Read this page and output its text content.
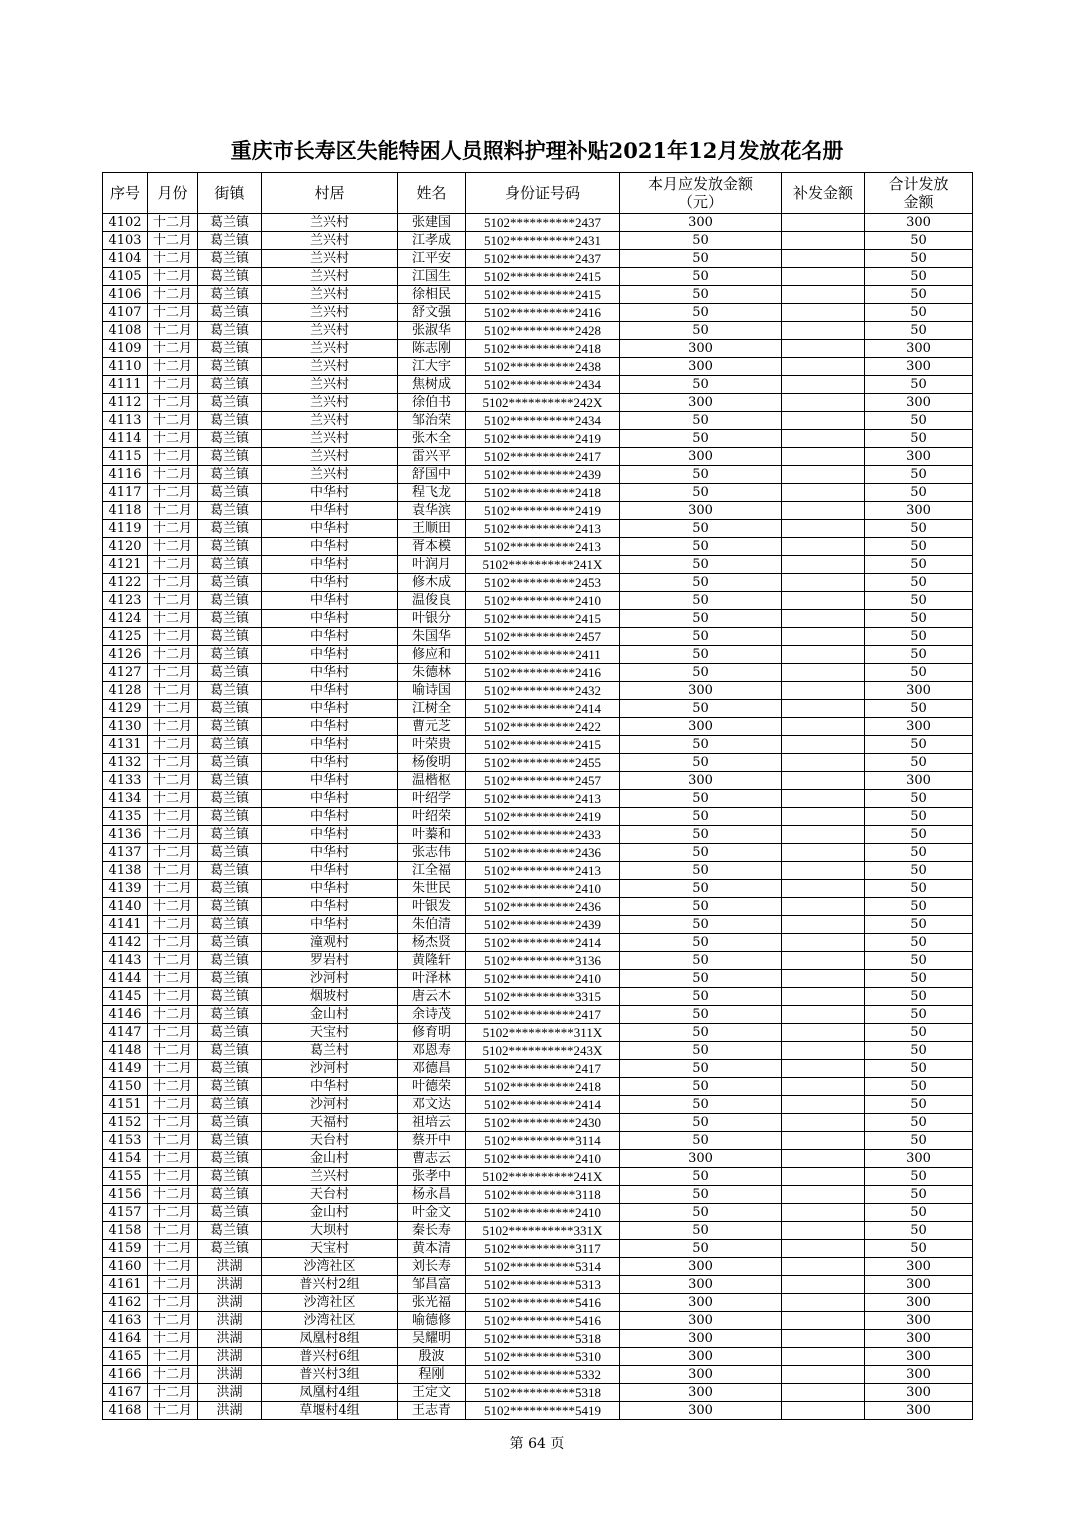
重庆市长寿区失能特困人员照料护理补贴2021年12月发放花名册
序号	月份	街镇	村居	姓名	身份证号码	本月应发放金额
（元）	补发金额	合计发放
金额
4102	十二月	葛兰镇	兰兴村	张建国	5102**********2437	300		300
4103	十二月	葛兰镇	兰兴村	江孝成	5102**********2431	50		50
4104	十二月	葛兰镇	兰兴村	江平安	5102**********2437	50		50
4105	十二月	葛兰镇	兰兴村	江国生	5102**********2415	50		50
4106	十二月	葛兰镇	兰兴村	徐相民	5102**********2415	50		50
4107	十二月	葛兰镇	兰兴村	舒文强	5102**********2416	50		50
4108	十二月	葛兰镇	兰兴村	张淑华	5102**********2428	50		50
4109	十二月	葛兰镇	兰兴村	陈志刚	5102**********2418	300		300
4110	十二月	葛兰镇	兰兴村	江大宇	5102**********2438	300		300
4111	十二月	葛兰镇	兰兴村	焦树成	5102**********2434	50		50
4112	十二月	葛兰镇	兰兴村	徐伯书	5102**********242X	300		300
4113	十二月	葛兰镇	兰兴村	邹治荣	5102**********2434	50		50
4114	十二月	葛兰镇	兰兴村	张木全	5102**********2419	50		50
4115	十二月	葛兰镇	兰兴村	雷兴平	5102**********2417	300		300
4116	十二月	葛兰镇	兰兴村	舒国中	5102**********2439	50		50
4117	十二月	葛兰镇	中华村	程飞龙	5102**********2418	50		50
4118	十二月	葛兰镇	中华村	袁华滨	5102**********2419	300		300
4119	十二月	葛兰镇	中华村	王顺田	5102**********2413	50		50
4120	十二月	葛兰镇	中华村	胥本模	5102**********2413	50		50
4121	十二月	葛兰镇	中华村	叶润月	5102**********241X	50		50
4122	十二月	葛兰镇	中华村	修木成	5102**********2453	50		50
4123	十二月	葛兰镇	中华村	温俊良	5102**********2410	50		50
4124	十二月	葛兰镇	中华村	叶银分	5102**********2415	50		50
4125	十二月	葛兰镇	中华村	朱国华	5102**********2457	50		50
4126	十二月	葛兰镇	中华村	修应和	5102**********2411	50		50
4127	十二月	葛兰镇	中华村	朱德林	5102**********2416	50		50
4128	十二月	葛兰镇	中华村	喻诗国	5102**********2432	300		300
4129	十二月	葛兰镇	中华村	江树全	5102**********2414	50		50
4130	十二月	葛兰镇	中华村	曹元芝	5102**********2422	300		300
4131	十二月	葛兰镇	中华村	叶荣贵	5102**********2415	50		50
4132	十二月	葛兰镇	中华村	杨俊明	5102**********2455	50		50
4133	十二月	葛兰镇	中华村	温楷枢	5102**********2457	300		300
4134	十二月	葛兰镇	中华村	叶绍学	5102**********2413	50		50
4135	十二月	葛兰镇	中华村	叶绍荣	5102**********2419	50		50
4136	十二月	葛兰镇	中华村	叶蓁和	5102**********2433	50		50
4137	十二月	葛兰镇	中华村	张志伟	5102**********2436	50		50
4138	十二月	葛兰镇	中华村	江全福	5102**********2413	50		50
4139	十二月	葛兰镇	中华村	朱世民	5102**********2410	50		50
4140	十二月	葛兰镇	中华村	叶银发	5102**********2436	50		50
4141	十二月	葛兰镇	中华村	朱伯清	5102**********2439	50		50
4142	十二月	葛兰镇	潼观村	杨杰贤	5102**********2414	50		50
4143	十二月	葛兰镇	罗岩村	黄隆轩	5102**********3136	50		50
4144	十二月	葛兰镇	沙河村	叶泽林	5102**********2410	50		50
4145	十二月	葛兰镇	烟坡村	唐云木	5102**********3315	50		50
4146	十二月	葛兰镇	金山村	余诗茂	5102**********2417	50		50
4147	十二月	葛兰镇	天宝村	修育明	5102**********311X	50		50
4148	十二月	葛兰镇	葛兰村	邓恩寿	5102**********243X	50		50
4149	十二月	葛兰镇	沙河村	邓德昌	5102**********2417	50		50
4150	十二月	葛兰镇	中华村	叶德荣	5102**********2418	50		50
4151	十二月	葛兰镇	沙河村	邓文达	5102**********2414	50		50
4152	十二月	葛兰镇	天福村	祖培云	5102**********2430	50		50
4153	十二月	葛兰镇	天台村	蔡开中	5102**********3114	50		50
4154	十二月	葛兰镇	金山村	曹志云	5102**********2410	300		300
4155	十二月	葛兰镇	兰兴村	张孝中	5102**********241X	50		50
4156	十二月	葛兰镇	天台村	杨永昌	5102**********3118	50		50
4157	十二月	葛兰镇	金山村	叶金文	5102**********2410	50		50
4158	十二月	葛兰镇	大坝村	秦长寿	5102**********331X	50		50
4159	十二月	葛兰镇	天宝村	黄本清	5102**********3117	50		50
4160	十二月	洪湖	沙湾社区	刘长寿	5102**********5314	300		300
4161	十二月	洪湖	普兴村2组	邹昌富	5102**********5313	300		300
4162	十二月	洪湖	沙湾社区	张光福	5102**********5416	300		300
4163	十二月	洪湖	沙湾社区	喻德修	5102**********5416	300		300
4164	十二月	洪湖	凤凰村8组	吴耀明	5102**********5318	300		300
4165	十二月	洪湖	普兴村6组	殷波	5102**********5310	300		300
4166	十二月	洪湖	普兴村3组	程刚	5102**********5332	300		300
4167	十二月	洪湖	凤凰村4组	王定文	5102**********5318	300		300
4168	十二月	洪湖	草堰村4组	王志青	5102**********5419	300		300
第 64 页
